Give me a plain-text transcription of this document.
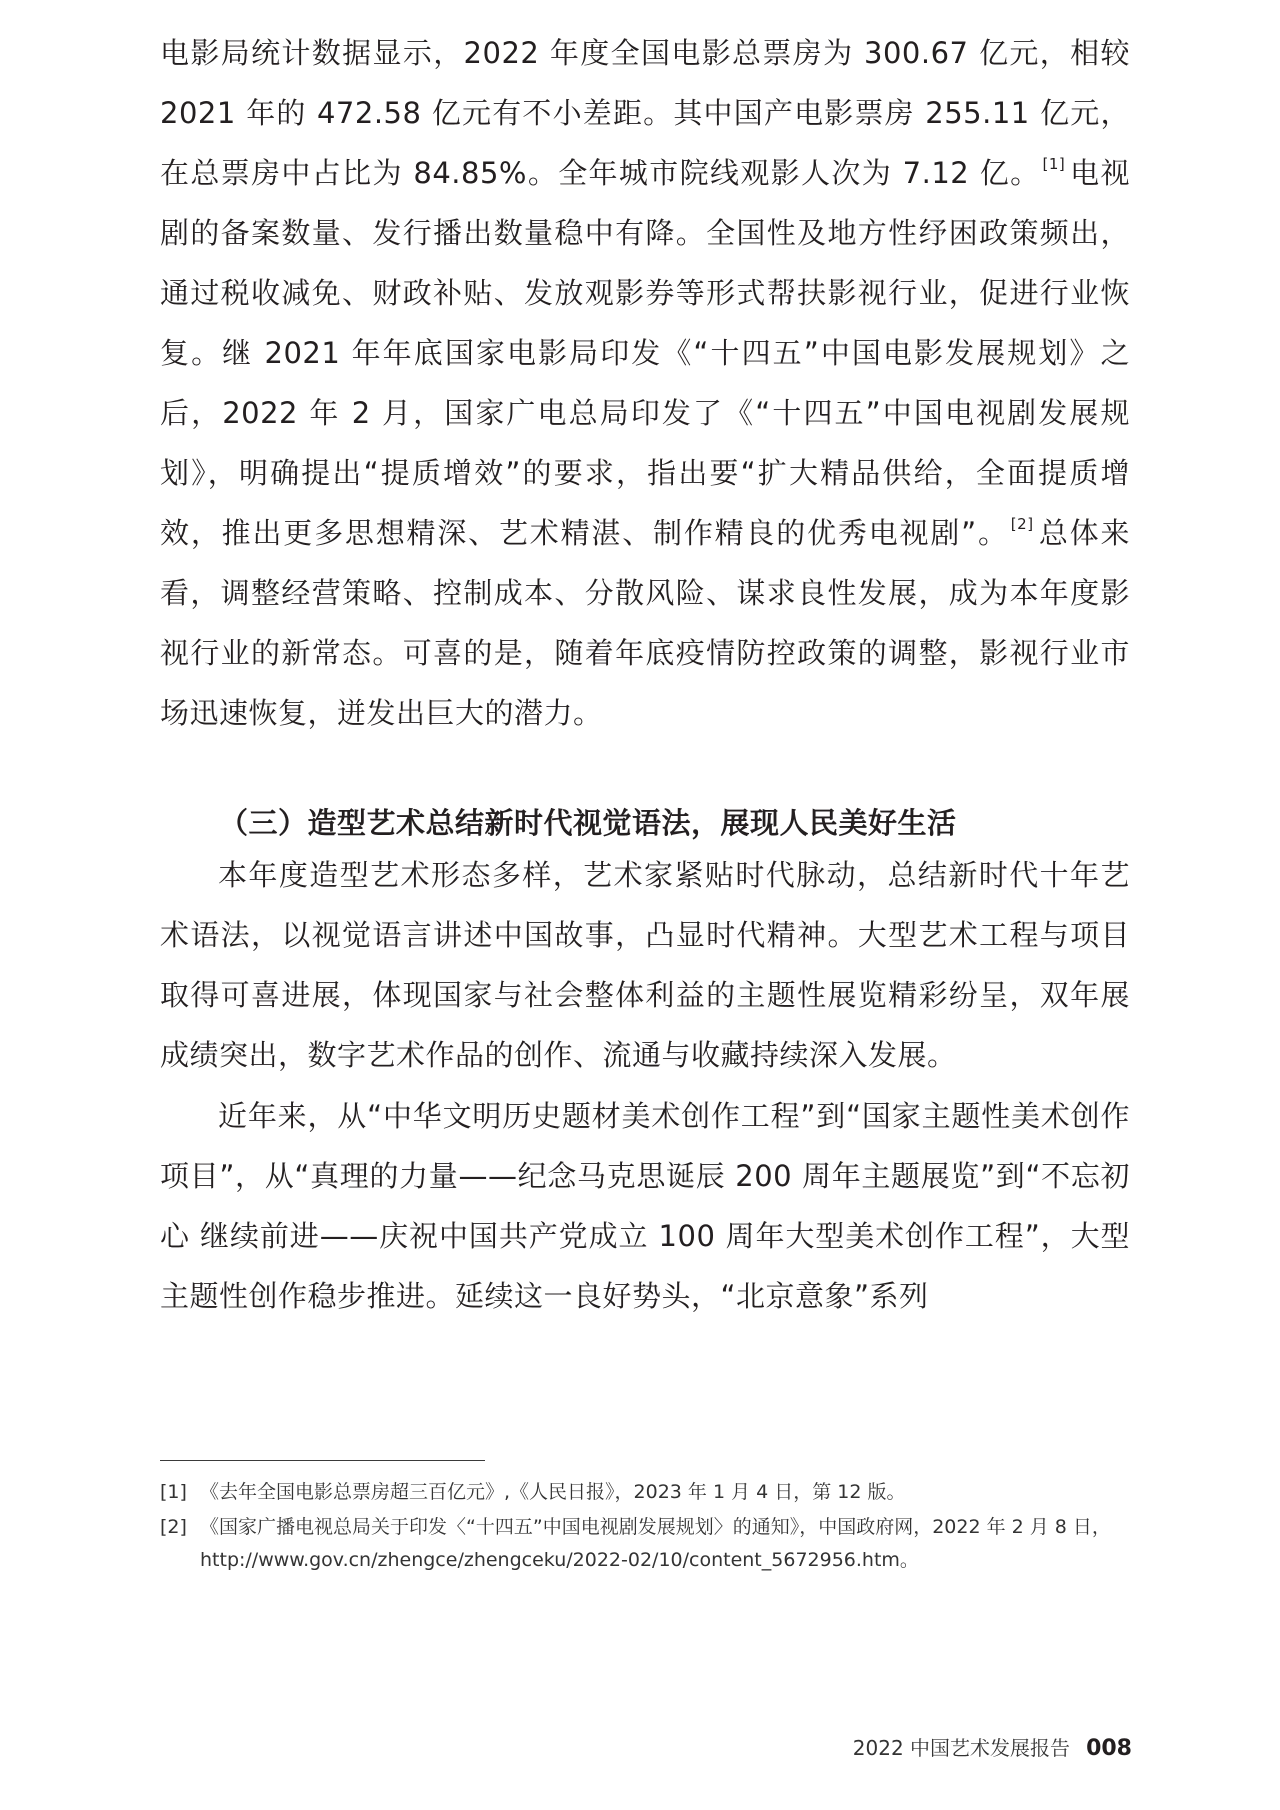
电影局统计数据显示，2022 年度全国电影总票房为 300.67 亿元，相较 2021 年的 472.58 亿元有不小差距。其中国产电影票房 255.11 亿元，在总票房中占比为 84.85%。全年城市院线观影人次为 7.12 亿。 [1] 电视剧的备案数量、发行播出数量稳中有降。全国性及地方性纾困政策频出，通过税收减免、财政补贴、发放观影券等形式帮扶影视行业，促进行业恢复。继 2021 年年底国家电影局印发《“十四五”中国电影发展规划》之后，2022 年 2 月，国家广电总局印发了《“十四五”中国电视剧发展规划》，明确提出“提质增效”的要求，指出要“扩大精品供给，全面提质增效，推出更多思想精深、艺术精湛、制作精良的优秀电视剧”。 [2] 总体来看，调整经营策略、控制成本、分散风险、谋求良性发展，成为本年度影视行业的新常态。可喜的是，随着年底疫情防控政策的调整，影视行业市场迅速恢复，迸发出巨大的潜力。

（三）造型艺术总结新时代视觉语法，展现人民美好生活

本年度造型艺术形态多样，艺术家紧贴时代脉动，总结新时代十年艺术语法，以视觉语言讲述中国故事，凸显时代精神。大型艺术工程与项目取得可喜进展，体现国家与社会整体利益的主题性展览精彩纷呈，双年展成绩突出，数字艺术作品的创作、流通与收藏持续深入发展。

近年来，从“中华文明历史题材美术创作工程”到“国家主题性美术创作项目”，从“真理的力量——纪念马克思诞辰 200 周年主题展览”到“不忘初心 继续前进——庆祝中国共产党成立 100 周年大型美术创作工程”，大型主题性创作稳步推进。延续这一良好势头，“北京意象”系列

[1] 《去年全国电影总票房超三百亿元》,《人民日报》，2023 年 1 月 4 日，第 12 版。
[2] 《国家广播电视总局关于印发〈“十四五”中国电视剧发展规划〉的通知》，中国政府网，2022 年 2 月 8 日，http://www.gov.cn/zhengce/zhengceku/2022-02/10/content_5672956.htm。
2022 中国艺术发展报告 008
